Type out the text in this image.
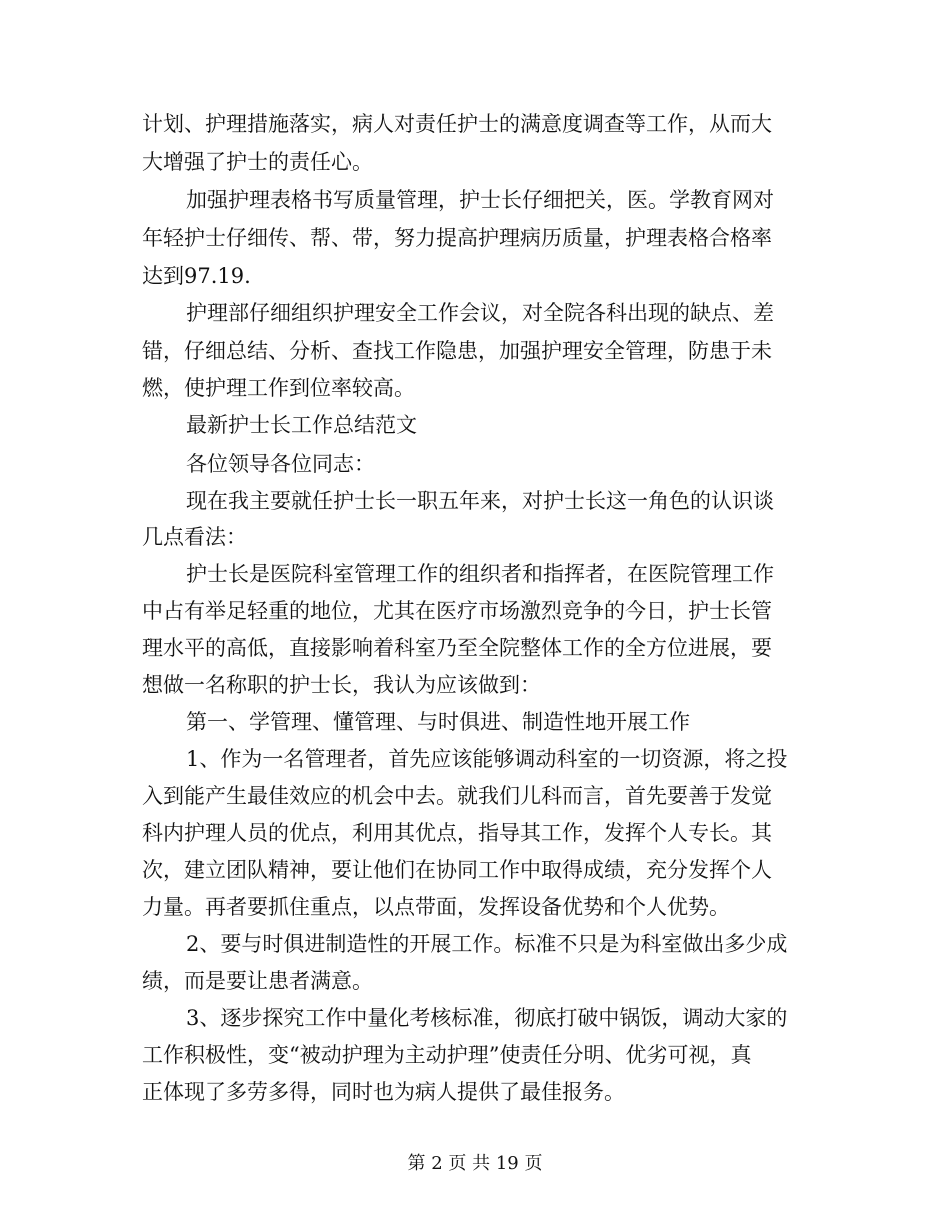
计划、护理措施落实，病人对责任护士的满意度调查等工作，从而大
大增强了护士的责任心。
加强护理表格书写质量管理，护士长仔细把关，医。学教育网对
年轻护士仔细传、帮、带，努力提高护理病历质量，护理表格合格率
达到97.19.
护理部仔细组织护理安全工作会议，对全院各科出现的缺点、差
错，仔细总结、分析、查找工作隐患，加强护理安全管理，防患于未
燃，使护理工作到位率较高。
最新护士长工作总结范文
各位领导各位同志：
现在我主要就任护士长一职五年来，对护士长这一角色的认识谈
几点看法：
护士长是医院科室管理工作的组织者和指挥者，在医院管理工作
中占有举足轻重的地位，尤其在医疗市场激烈竞争的今日，护士长管
理水平的高低，直接影响着科室乃至全院整体工作的全方位进展，要
想做一名称职的护士长，我认为应该做到：
第一、学管理、懂管理、与时俱进、制造性地开展工作
1、作为一名管理者，首先应该能够调动科室的一切资源，将之投
入到能产生最佳效应的机会中去。就我们儿科而言，首先要善于发觉
科内护理人员的优点，利用其优点，指导其工作，发挥个人专长。其
次，建立团队精神，要让他们在协同工作中取得成绩，充分发挥个人
力量。再者要抓住重点，以点带面，发挥设备优势和个人优势。
2、要与时俱进制造性的开展工作。标准不只是为科室做出多少成
绩，而是要让患者满意。
3、逐步探究工作中量化考核标准，彻底打破中锅饭，调动大家的
工作积极性，变“被动护理为主动护理”使责任分明、优劣可视，真
正体现了多劳多得，同时也为病人提供了最佳报务。
第 2 页 共 19 页
